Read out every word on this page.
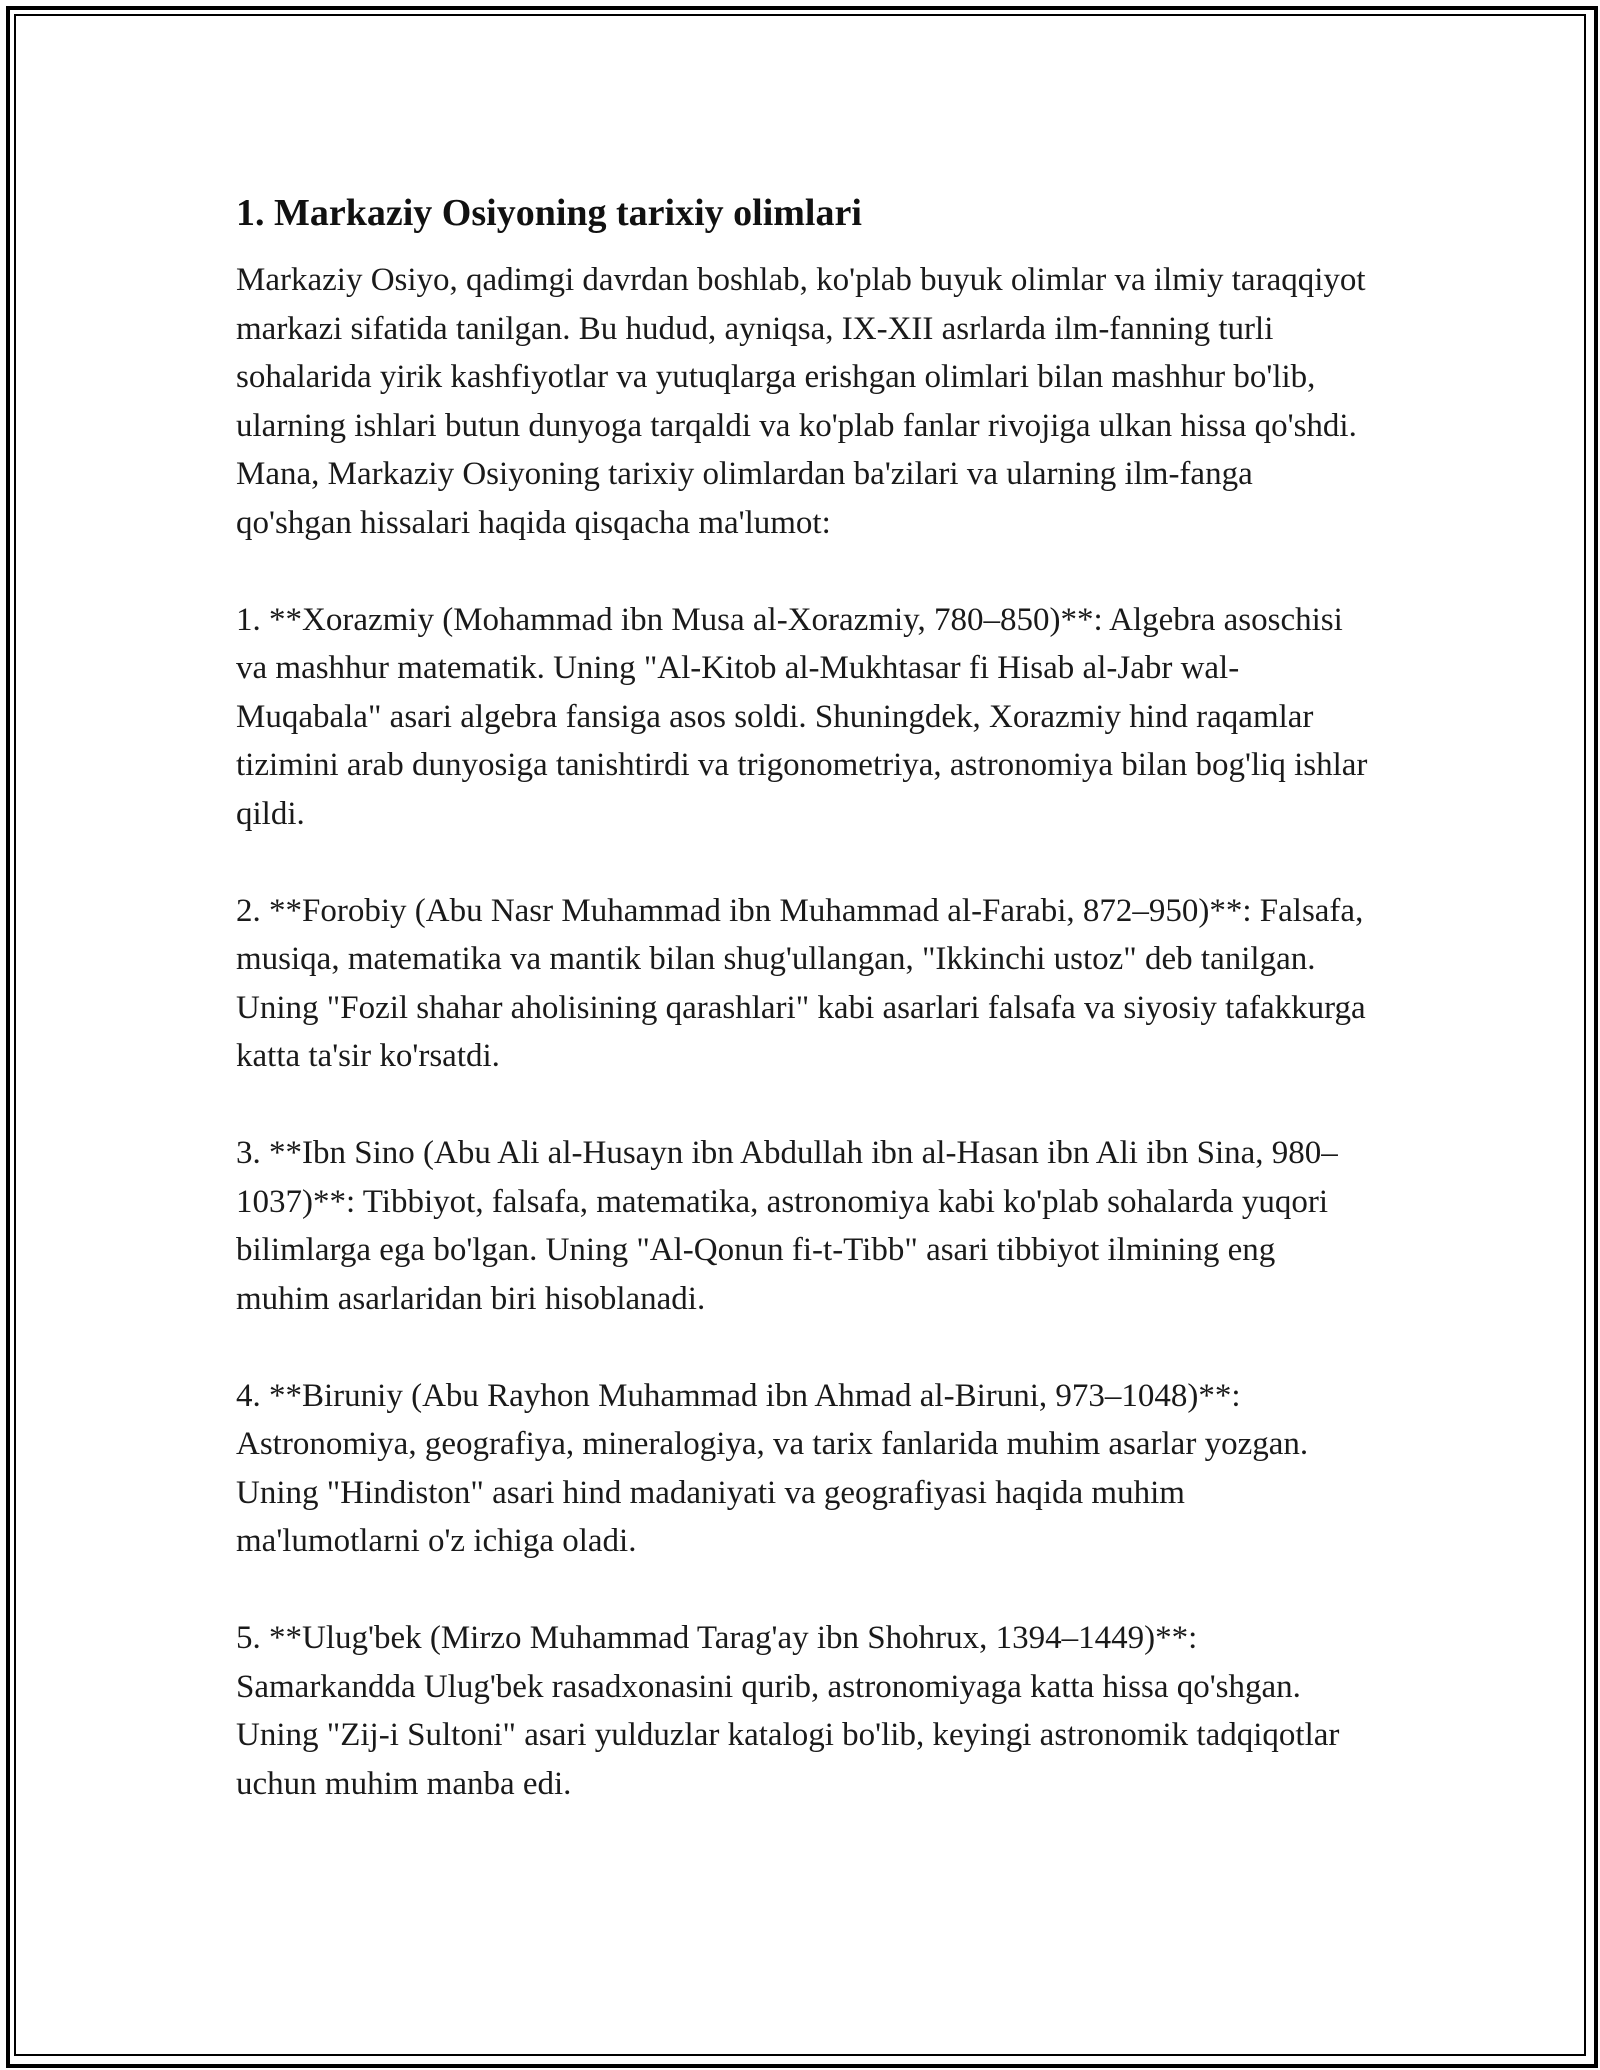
1. Markaziy Osiyoning tarixiy olimlari

Markaziy Osiyo, qadimgi davrdan boshlab, ko'plab buyuk olimlar va ilmiy taraqqiyot markazi sifatida tanilgan. Bu hudud, ayniqsa, IX-XII asrlarda ilm-fanning turli sohalarida yirik kashfiyotlar va yutuqlarga erishgan olimlari bilan mashhur bo'lib, ularning ishlari butun dunyoga tarqaldi va ko'plab fanlar rivojiga ulkan hissa qo'shdi. Mana, Markaziy Osiyoning tarixiy olimlardan ba'zilari va ularning ilm-fanga qo'shgan hissalari haqida qisqacha ma'lumot:

1. **Xorazmiy (Mohammad ibn Musa al-Xorazmiy, 780–850)**: Algebra asoschisi va mashhur matematik. Uning "Al-Kitob al-Mukhtasar fi Hisab al-Jabr wal-Muqabala" asari algebra fansiga asos soldi. Shuningdek, Xorazmiy hind raqamlar tizimini arab dunyosiga tanishtirdi va trigonometriya, astronomiya bilan bog'liq ishlar qildi.

2. **Forobiy (Abu Nasr Muhammad ibn Muhammad al-Farabi, 872–950)**: Falsafa, musiqa, matematika va mantik bilan shug'ullangan, "Ikkinchi ustoz" deb tanilgan. Uning "Fozil shahar aholisining qarashlari" kabi asarlari falsafa va siyosiy tafakkurga katta ta'sir ko'rsatdi.

3. **Ibn Sino (Abu Ali al-Husayn ibn Abdullah ibn al-Hasan ibn Ali ibn Sina, 980–1037)**: Tibbiyot, falsafa, matematika, astronomiya kabi ko'plab sohalarda yuqori bilimlarga ega bo'lgan. Uning "Al-Qonun fi-t-Tibb" asari tibbiyot ilmining eng muhim asarlaridan biri hisoblanadi.

4. **Biruniy (Abu Rayhon Muhammad ibn Ahmad al-Biruni, 973–1048)**: Astronomiya, geografiya, mineralogiya, va tarix fanlarida muhim asarlar yozgan. Uning "Hindiston" asari hind madaniyati va geografiyasi haqida muhim ma'lumotlarni o'z ichiga oladi.

5. **Ulug'bek (Mirzo Muhammad Tarag'ay ibn Shohrux, 1394–1449)**: Samarkandda Ulug'bek rasadxonasini qurib, astronomiyaga katta hissa qo'shgan. Uning "Zij-i Sultoni" asari yulduzlar katalogi bo'lib, keyingi astronomik tadqiqotlar uchun muhim manba edi.
